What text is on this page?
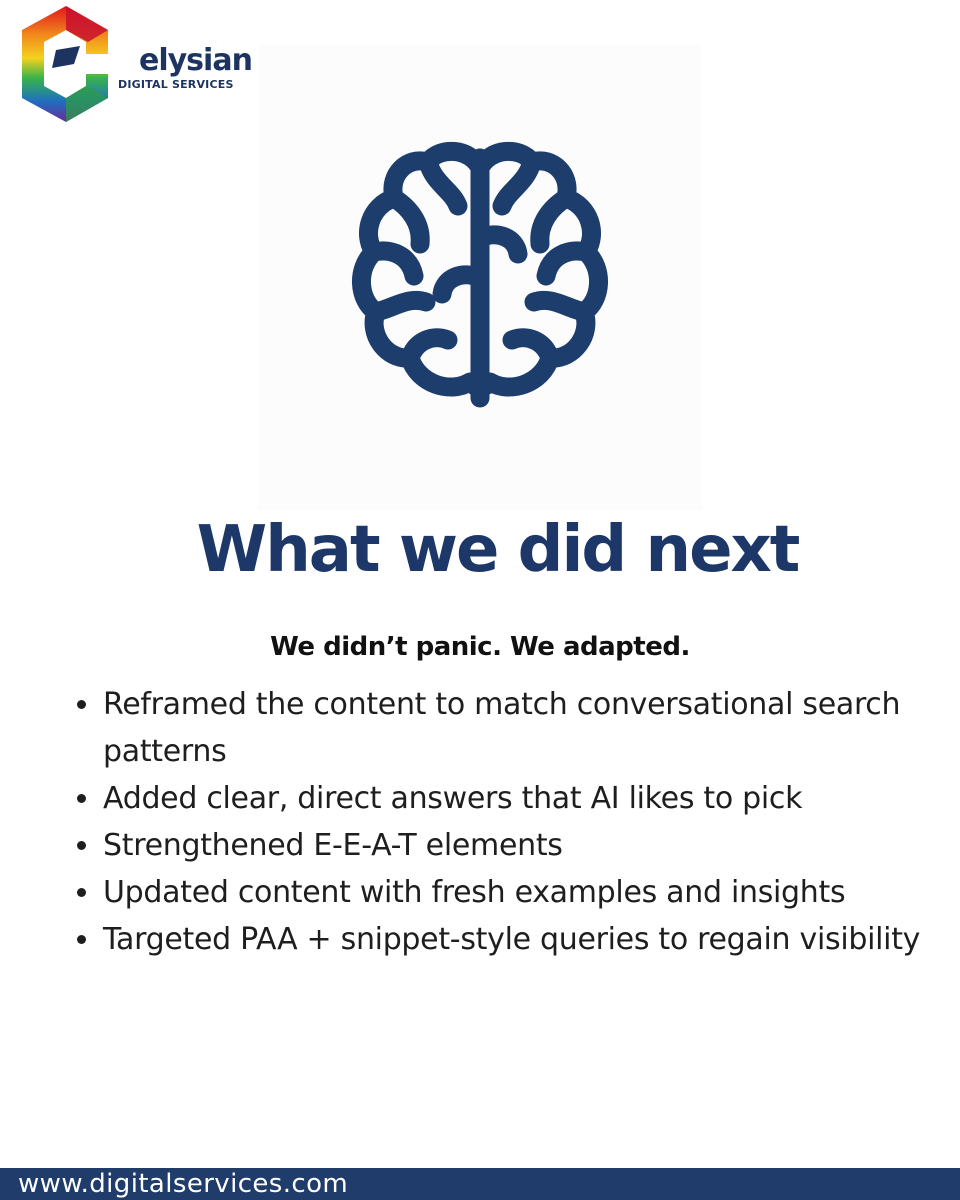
elysian
DIGITAL SERVICES
What we did next
We didn’t panic. We adapted.
Reframed the content to match conversational search patterns
Added clear, direct answers that AI likes to pick
Strengthened E-E-A-T elements
Updated content with fresh examples and insights
Targeted PAA + snippet-style queries to regain visibility
www.digitalservices.com
